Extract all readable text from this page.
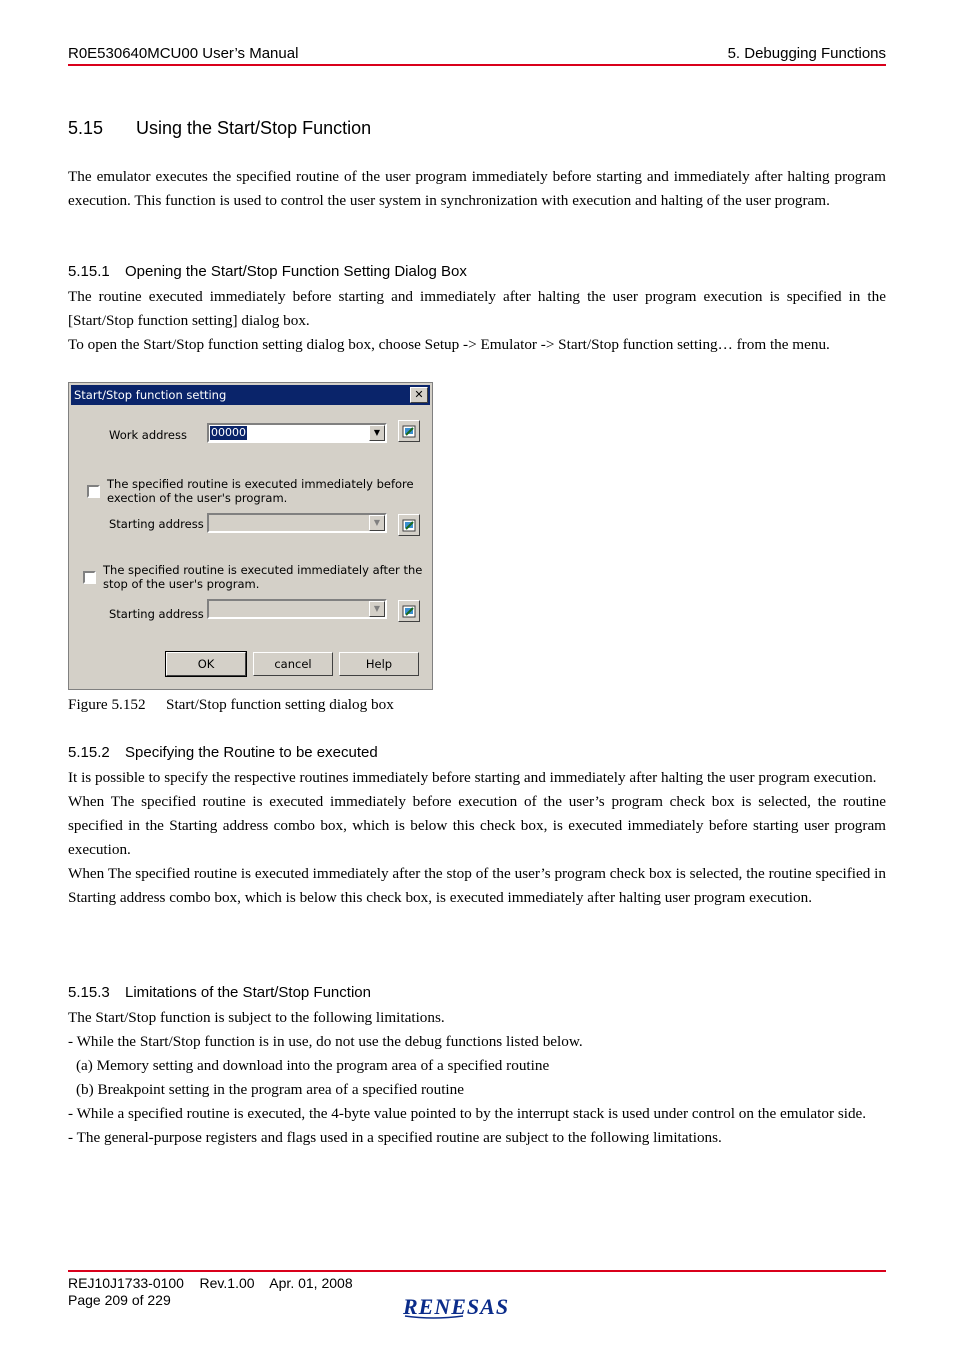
R0E530640MCU00 User’s Manual	5. Debugging Functions
5.15 Using the Start/Stop Function

The emulator executes the specified routine of the user program immediately before starting and immediately after halting program execution. This function is used to control the user system in synchronization with execution and halting of the user program.

5.15.1 Opening the Start/Stop Function Setting Dialog Box

The routine executed immediately before starting and immediately after halting the user program execution is specified in the [Start/Stop function setting] dialog box.

To open the Start/Stop function setting dialog box, choose Setup -> Emulator -> Start/Stop function setting… from the menu.

Start/Stop function setting	✕
Work address 00000	▼
The specified routine is executed immediately before
exection of the user's program.
Starting address	▼
The specified routine is executed immediately after the
stop of the user's program.
Starting address	▼
OK	cancel	Help
Figure 5.152 Start/Stop function setting dialog box
5.15.2 Specifying the Routine to be executed

It is possible to specify the respective routines immediately before starting and immediately after halting the user program execution.

When The specified routine is executed immediately before execution of the user’s program check box is selected, the routine specified in the Starting address combo box, which is below this check box, is executed immediately before starting user program execution.

When The specified routine is executed immediately after the stop of the user’s program check box is selected, the routine specified in Starting address combo box, which is below this check box, is executed immediately after halting user program execution.

5.15.3 Limitations of the Start/Stop Function

The Start/Stop function is subject to the following limitations.

- While the Start/Stop function is in use, do not use the debug functions listed below.

(a) Memory setting and download into the program area of a specified routine

(b) Breakpoint setting in the program area of a specified routine

- While a specified routine is executed, the 4-byte value pointed to by the interrupt stack is used under control on the emulator side.

- The general-purpose registers and flags used in a specified routine are subject to the following limitations.

REJ10J1733-0100    Rev.1.00    Apr. 01, 2008
Page 209 of 229	RENESAS
